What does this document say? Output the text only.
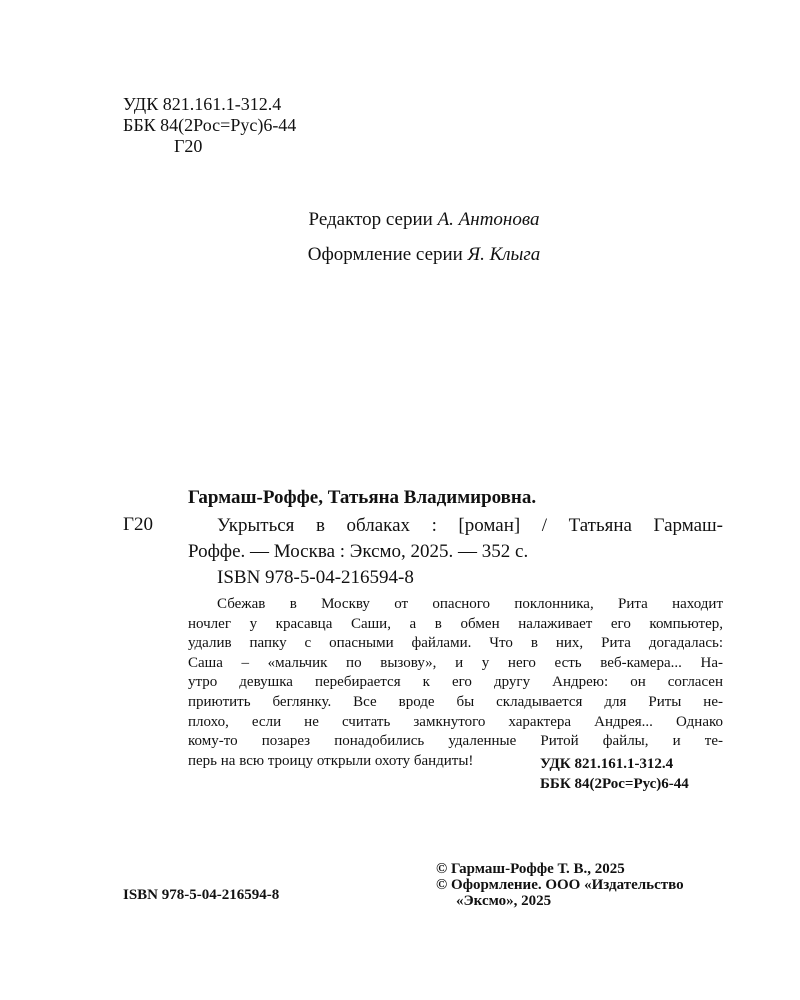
УДК 821.161.1-312.4
ББК 84(2Рос=Рус)6-44
Г20
Редактор серии А. Антонова
Оформление серии Я. Клыга
Гармаш-Роффе, Татьяна Владимировна.
Г20	Укрыться в облаках : [роман] / Татьяна Гармаш-
Роффе. — Москва : Эксмо, 2025. — 352 с.
ISBN 978-5-04-216594-8
Сбежав в Москву от опасного поклонника, Рита находит
ночлег у красавца Саши, а в обмен налаживает его компьютер,
удалив папку с опасными файлами. Что в них, Рита догадалась:
Саша – «мальчик по вызову», и у него есть веб-камера... На-
утро девушка перебирается к его другу Андрею: он согласен
приютить беглянку. Все вроде бы складывается для Риты не-
плохо, если не считать замкнутого характера Андрея... Однако
кому-то позарез понадобились удаленные Ритой файлы, и те-
перь на всю троицу открыли охоту бандиты!	УДК 821.161.1-312.4
ББК 84(2Рос=Рус)6-44
ISBN 978-5-04-216594-8
© Гармаш-Роффе Т. В., 2025
© Оформление. ООО «Издательство
«Эксмо», 2025
